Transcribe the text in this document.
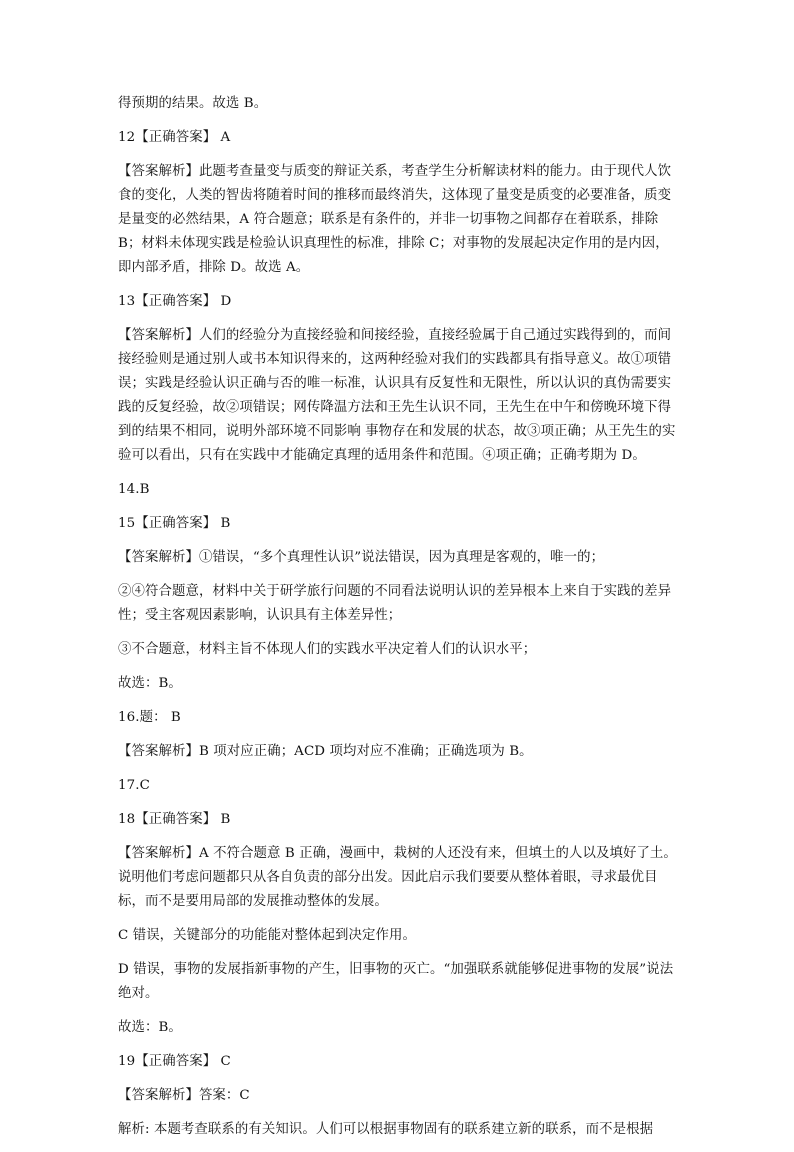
得预期的结果。故选 B。

12【正确答案】 A

【答案解析】此题考查量变与质变的辩证关系，考查学生分析解读材料的能力。由于现代人饮食的变化，人类的智齿将随着时间的推移而最终消失，这体现了量变是质变的必要准备，质变是量变的必然结果，A 符合题意；联系是有条件的，并非一切事物之间都存在着联系，排除 B；材料未体现实践是检验认识真理性的标准，排除 C；对事物的发展起决定作用的是内因，即内部矛盾，排除 D。故选 A。

13【正确答案】 D

【答案解析】人们的经验分为直接经验和间接经验，直接经验属于自己通过实践得到的，而间接经验则是通过别人或书本知识得来的，这两种经验对我们的实践都具有指导意义。故①项错误；实践是经验认识正确与否的唯一标准，认识具有反复性和无限性，所以认识的真伪需要实践的反复经验，故②项错误；网传降温方法和王先生认识不同，王先生在中午和傍晚环境下得到的结果不相同，说明外部环境不同影响 事物存在和发展的状态，故③项正确；从王先生的实验可以看出，只有在实践中才能确定真理的适用条件和范围。④项正确；正确考期为 D。

14.B

15【正确答案】 B

【答案解析】①错误，“多个真理性认识”说法错误，因为真理是客观的，唯一的；

②④符合题意，材料中关于研学旅行问题的不同看法说明认识的差异根本上来自于实践的差异性；受主客观因素影响，认识具有主体差异性；

③不合题意，材料主旨不体现人们的实践水平决定着人们的认识水平；

故选：B。

16.题： B

【答案解析】B 项对应正确；ACD 项均对应不准确；正确选项为 B。

17.C

18【正确答案】 B

【答案解析】A 不符合题意 B 正确，漫画中，栽树的人还没有来，但填土的人以及填好了土。说明他们考虑问题都只从各自负责的部分出发。因此启示我们要要从整体着眼，寻求最优目标，而不是要用局部的发展推动整体的发展。

C 错误，关键部分的功能能对整体起到决定作用。

D 错误，事物的发展指新事物的产生，旧事物的灭亡。“加强联系就能够促进事物的发展”说法绝对。

故选：B。

19【正确答案】 C

【答案解析】答案：C

解析: 本题考查联系的有关知识。人们可以根据事物固有的联系建立新的联系，而不是根据
